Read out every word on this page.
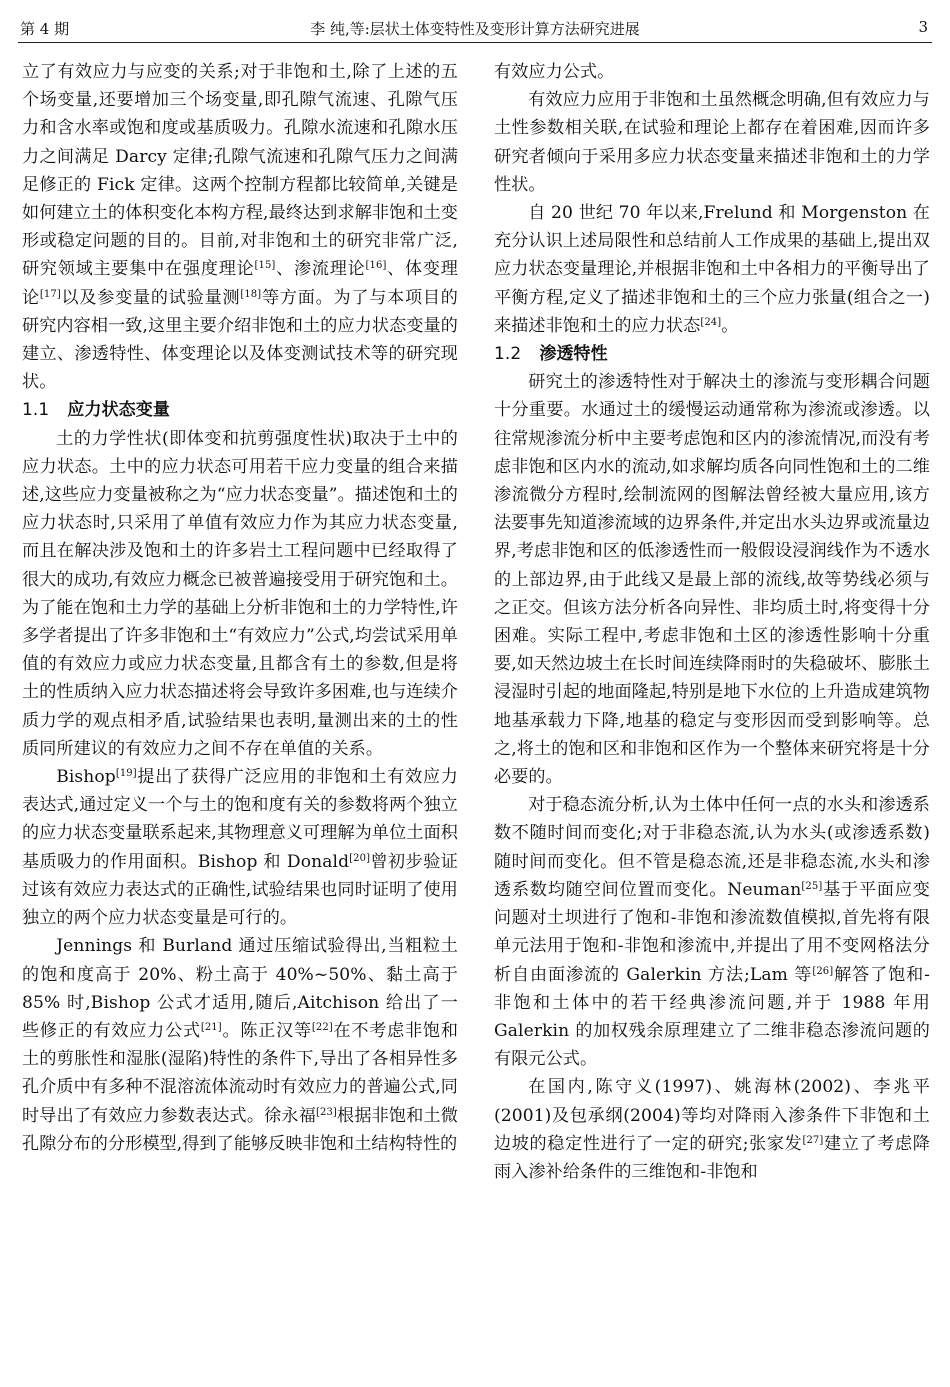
第 4 期	李 纯,等:层状土体变特性及变形计算方法研究进展	3

立了有效应力与应变的关系;对于非饱和土,除了上述的五个场变量,还要增加三个场变量,即孔隙气流速、孔隙气压力和含水率或饱和度或基质吸力。孔隙水流速和孔隙水压力之间满足 Darcy 定律;孔隙气流速和孔隙气压力之间满足修正的 Fick 定律。这两个控制方程都比较简单,关键是如何建立土的体积变化本构方程,最终达到求解非饱和土变形或稳定问题的目的。目前,对非饱和土的研究非常广泛,研究领域主要集中在强度理论[15]、渗流理论[16]、体变理论[17]以及参变量的试验量测[18]等方面。为了与本项目的研究内容相一致,这里主要介绍非饱和土的应力状态变量的建立、渗透特性、体变理论以及体变测试技术等的研究现状。

1.1 应力状态变量

土的力学性状(即体变和抗剪强度性状)取决于土中的应力状态。土中的应力状态可用若干应力变量的组合来描述,这些应力变量被称之为“应力状态变量”。描述饱和土的应力状态时,只采用了单值有效应力作为其应力状态变量,而且在解决涉及饱和土的许多岩土工程问题中已经取得了很大的成功,有效应力概念已被普遍接受用于研究饱和土。为了能在饱和土力学的基础上分析非饱和土的力学特性,许多学者提出了许多非饱和土“有效应力”公式,均尝试采用单值的有效应力或应力状态变量,且都含有土的参数,但是将土的性质纳入应力状态描述将会导致许多困难,也与连续介质力学的观点相矛盾,试验结果也表明,量测出来的土的性质同所建议的有效应力之间不存在单值的关系。

Bishop[19]提出了获得广泛应用的非饱和土有效应力表达式,通过定义一个与土的饱和度有关的参数将两个独立的应力状态变量联系起来,其物理意义可理解为单位土面积基质吸力的作用面积。Bishop 和 Donald[20]曾初步验证过该有效应力表达式的正确性,试验结果也同时证明了使用独立的两个应力状态变量是可行的。

Jennings 和 Burland 通过压缩试验得出,当粗粒土的饱和度高于 20%、粉土高于 40%~50%、黏土高于 85% 时,Bishop 公式才适用,随后,Aitchison 给出了一些修正的有效应力公式[21]。陈正汉等[22]在不考虑非饱和土的剪胀性和湿胀(湿陷)特性的条件下,导出了各相异性多孔介质中有多种不混溶流体流动时有效应力的普遍公式,同时导出了有效应力参数表达式。徐永福[23]根据非饱和土微孔隙分布的分形模型,得到了能够反映非饱和土结构特性的

有效应力公式。

有效应力应用于非饱和土虽然概念明确,但有效应力与土性参数相关联,在试验和理论上都存在着困难,因而许多研究者倾向于采用多应力状态变量来描述非饱和土的力学性状。

自 20 世纪 70 年以来,Frelund 和 Morgenston 在充分认识上述局限性和总结前人工作成果的基础上,提出双应力状态变量理论,并根据非饱和土中各相力的平衡导出了平衡方程,定义了描述非饱和土的三个应力张量(组合之一)来描述非饱和土的应力状态[24]。

1.2 渗透特性

研究土的渗透特性对于解决土的渗流与变形耦合问题十分重要。水通过土的缓慢运动通常称为渗流或渗透。以往常规渗流分析中主要考虑饱和区内的渗流情况,而没有考虑非饱和区内水的流动,如求解均质各向同性饱和土的二维渗流微分方程时,绘制流网的图解法曾经被大量应用,该方法要事先知道渗流域的边界条件,并定出水头边界或流量边界,考虑非饱和区的低渗透性而一般假设浸润线作为不透水的上部边界,由于此线又是最上部的流线,故等势线必须与之正交。但该方法分析各向异性、非均质土时,将变得十分困难。实际工程中,考虑非饱和土区的渗透性影响十分重要,如天然边坡土在长时间连续降雨时的失稳破坏、膨胀土浸湿时引起的地面隆起,特别是地下水位的上升造成建筑物地基承载力下降,地基的稳定与变形因而受到影响等。总之,将土的饱和区和非饱和区作为一个整体来研究将是十分必要的。

对于稳态流分析,认为土体中任何一点的水头和渗透系数不随时间而变化;对于非稳态流,认为水头(或渗透系数)随时间而变化。但不管是稳态流,还是非稳态流,水头和渗透系数均随空间位置而变化。Neuman[25]基于平面应变问题对土坝进行了饱和-非饱和渗流数值模拟,首先将有限单元法用于饱和-非饱和渗流中,并提出了用不变网格法分析自由面渗流的 Galerkin 方法;Lam 等[26]解答了饱和-非饱和土体中的若干经典渗流问题,并于 1988 年用 Galerkin 的加权残余原理建立了二维非稳态渗流问题的有限元公式。

在国内,陈守义(1997)、姚海林(2002)、李兆平(2001)及包承纲(2004)等均对降雨入渗条件下非饱和土边坡的稳定性进行了一定的研究;张家发[27]建立了考虑降雨入渗补给条件的三维饱和-非饱和
